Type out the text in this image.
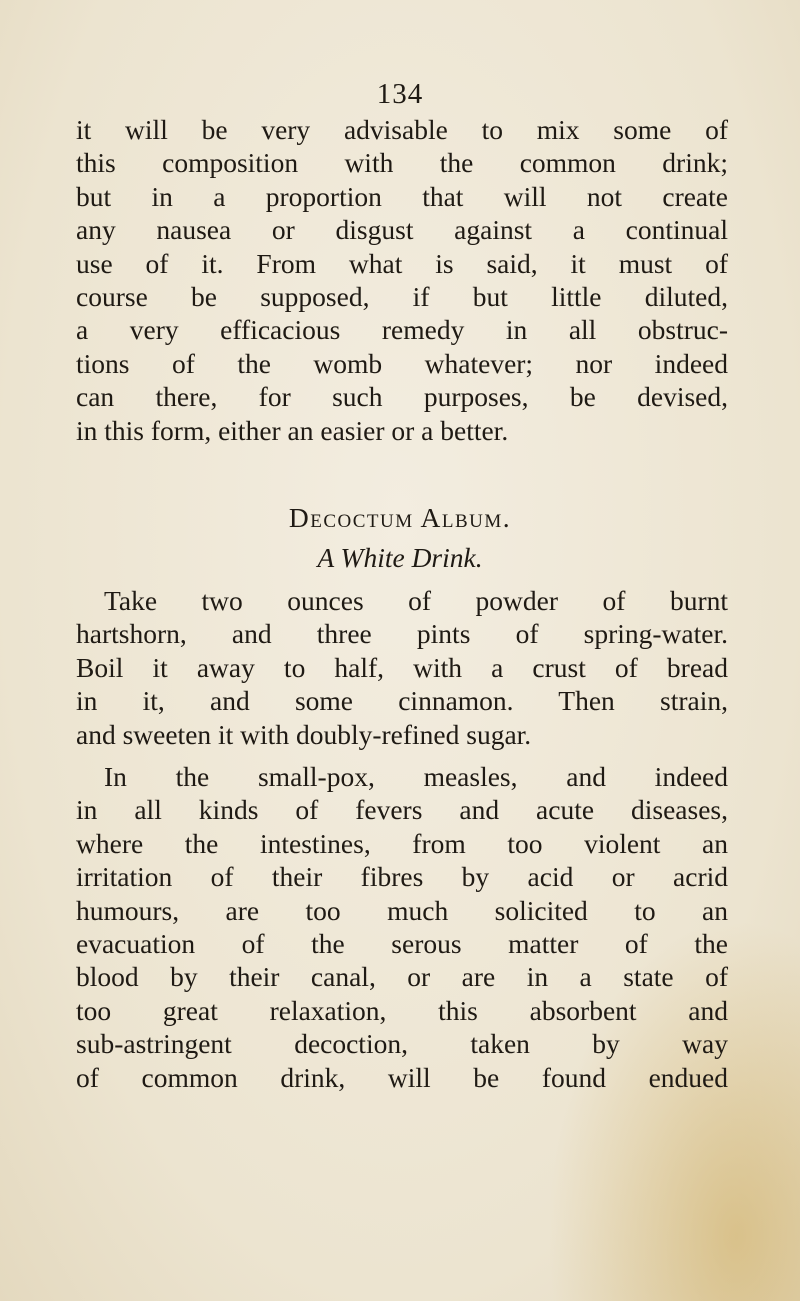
134
it will be very advisable to mix some of
this composition with the common drink;
but in a proportion that will not create
any nausea or disgust against a continual
use of it. From what is said, it must of
course be supposed, if but little diluted,
a very efficacious remedy in all obstruc-
tions of the womb whatever; nor indeed
can there, for such purposes, be devised,
in this form, either an easier or a better.
Decoctum Album.
A White Drink.
Take two ounces of powder of burnt
hartshorn, and three pints of spring-water.
Boil it away to half, with a crust of bread
in it, and some cinnamon. Then strain,
and sweeten it with doubly-refined sugar.
In the small-pox, measles, and indeed
in all kinds of fevers and acute diseases,
where the intestines, from too violent an
irritation of their fibres by acid or acrid
humours, are too much solicited to an
evacuation of the serous matter of the
blood by their canal, or are in a state of
too great relaxation, this absorbent and
sub-astringent decoction, taken by way
of common drink, will be found endued
